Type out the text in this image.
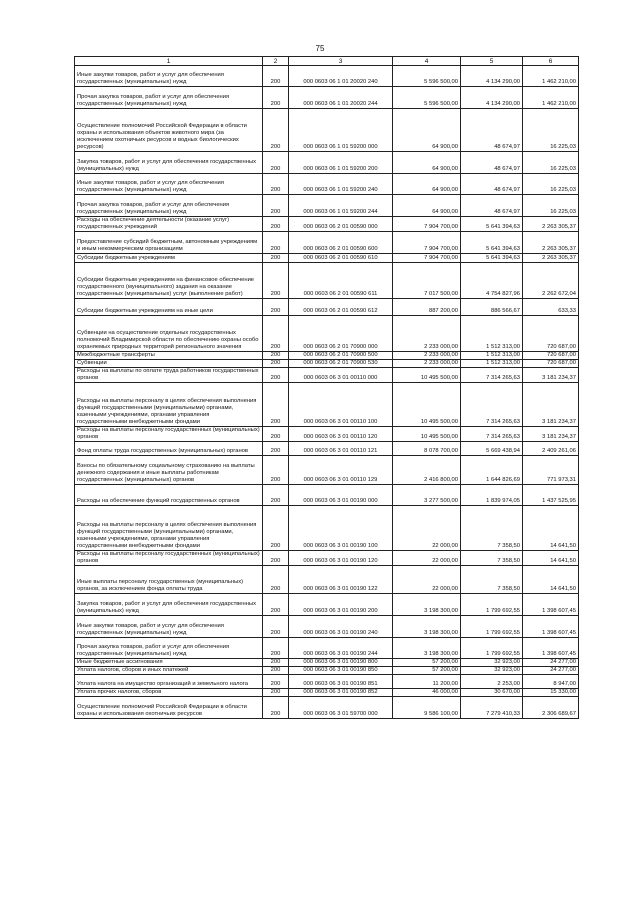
75
1	2	3	4	5	6
Иные закупки товаров, работ и услуг для обеспечения государственных (муниципальных) нужд	200	000 0603 06 1 01 20020 240	5 596 500,00	4 134 290,00	1 462 210,00
Прочая закупка товаров, работ и услуг для обеспечения государственных (муниципальных) нужд	200	000 0603 06 1 01 20020 244	5 596 500,00	4 134 290,00	1 462 210,00
Осуществление полномочий Российской Федерации в области охраны и использования объектов животного мира (за исключением охотничьих ресурсов и водных биологических ресурсов)	200	000 0603 06 1 01 59200 000	64 900,00	48 674,97	16 225,03
Закупка товаров, работ и услуг для обеспечения государственных (муниципальных) нужд	200	000 0603 06 1 01 59200 200	64 900,00	48 674,97	16 225,03
Иные закупки товаров, работ и услуг для обеспечения государственных (муниципальных) нужд	200	000 0603 06 1 01 59200 240	64 900,00	48 674,97	16 225,03
Прочая закупка товаров, работ и услуг для обеспечения государственных (муниципальных) нужд	200	000 0603 06 1 01 59200 244	64 900,00	48 674,97	16 225,03
Расходы на обеспечение деятельности (оказание услуг) государственных учреждений	200	000 0603 06 2 01 00590 000	7 904 700,00	5 641 394,63	2 263 305,37
Предоставление субсидий бюджетным, автономным учреждениям и иным некоммерческим организациям	200	000 0603 06 2 01 00590 600	7 904 700,00	5 641 394,63	2 263 305,37
Субсидии бюджетным учреждениям	200	000 0603 06 2 01 00590 610	7 904 700,00	5 641 394,63	2 263 305,37
Субсидии бюджетным учреждениям на финансовое обеспечение государственного (муниципального) задания на оказание государственных (муниципальных) услуг (выполнение работ)	200	000 0603 06 2 01 00590 611	7 017 500,00	4 754 827,96	2 262 672,04
Субсидии бюджетным учреждениям на иные цели	200	000 0603 06 2 01 00590 612	887 200,00	886 566,67	633,33
Субвенции на осуществление отдельных государственных полномочий Владимирской области по обеспечению охраны особо охраняемых природных территорий регионального значения	200	000 0603 06 2 01 70900 000	2 233 000,00	1 512 313,00	720 687,00
Межбюджетные трансферты	200	000 0603 06 2 01 70900 500	2 233 000,00	1 512 313,00	720 687,00
Субвенции	200	000 0603 06 2 01 70900 530	2 233 000,00	1 512 313,00	720 687,00
Расходы на выплаты по оплате труда работников государственных органов	200	000 0603 06 3 01 00110 000	10 495 500,00	7 314 265,63	3 181 234,37
Расходы на выплаты персоналу в целях обеспечения выполнения функций государственными (муниципальными) органами, казенными учреждениями, органами управления государственными внебюджетными фондами	200	000 0603 06 3 01 00110 100	10 495 500,00	7 314 265,63	3 181 234,37
Расходы на выплаты персоналу государственных (муниципальных) органов	200	000 0603 06 3 01 00110 120	10 495 500,00	7 314 265,63	3 181 234,37
Фонд оплаты труда государственных (муниципальных) органов	200	000 0603 06 3 01 00110 121	8 078 700,00	5 669 438,94	2 409 261,06
Взносы по обязательному социальному страхованию на выплаты денежного содержания и иные выплаты работникам государственных (муниципальных) органов	200	000 0603 06 3 01 00110 129	2 416 800,00	1 644 826,69	771 973,31
Расходы на обеспечение функций государственных органов	200	000 0603 06 3 01 00190 000	3 277 500,00	1 839 974,05	1 437 525,95
Расходы на выплаты персоналу в целях обеспечения выполнения функций государственными (муниципальными) органами, казенными учреждениями, органами управления государственными внебюджетными фондами	200	000 0603 06 3 01 00190 100	22 000,00	7 358,50	14 641,50
Расходы на выплаты персоналу государственных (муниципальных) органов	200	000 0603 06 3 01 00190 120	22 000,00	7 358,50	14 641,50
Иные выплаты персоналу государственных (муниципальных) органов, за исключением фонда оплаты труда	200	000 0603 06 3 01 00190 122	22 000,00	7 358,50	14 641,50
Закупка товаров, работ и услуг для обеспечения государственных (муниципальных) нужд	200	000 0603 06 3 01 00190 200	3 198 300,00	1 799 692,55	1 398 607,45
Иные закупки товаров, работ и услуг для обеспечения государственных (муниципальных) нужд	200	000 0603 06 3 01 00190 240	3 198 300,00	1 799 692,55	1 398 607,45
Прочая закупка товаров, работ и услуг для обеспечения государственных (муниципальных) нужд	200	000 0603 06 3 01 00190 244	3 198 300,00	1 799 692,55	1 398 607,45
Иные бюджетные ассигнования	200	000 0603 06 3 01 00190 800	57 200,00	32 923,00	24 277,00
Уплата налогов, сборов и иных платежей	200	000 0603 06 3 01 00190 850	57 200,00	32 923,00	24 277,00
Уплата налога на имущество организаций и земельного налога	200	000 0603 06 3 01 00190 851	11 200,00	2 253,00	8 947,00
Уплата прочих налогов, сборов	200	000 0603 06 3 01 00190 852	46 000,00	30 670,00	15 330,00
Осуществление полномочий Российской Федерации в области охраны и использования охотничьих ресурсов	200	000 0603 06 3 01 59700 000	9 586 100,00	7 279 410,33	2 306 689,67
